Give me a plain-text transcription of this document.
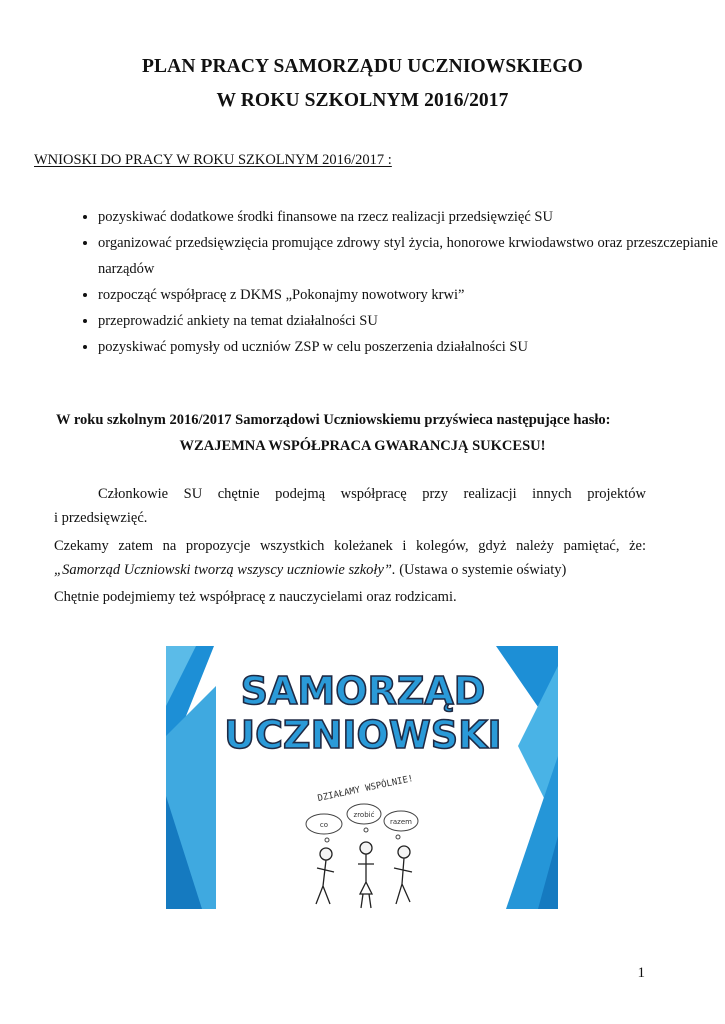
PLAN PRACY SAMORZĄDU UCZNIOWSKIEGO
W ROKU SZKOLNYM 2016/2017
WNIOSKI DO PRACY W ROKU SZKOLNYM 2016/2017 :
• pozyskiwać dodatkowe środki finansowe na rzecz realizacji przedsięwzięć SU
• organizować przedsięwzięcia promujące zdrowy styl życia, honorowe krwiodawstwo oraz przeszczepianie narządów
• rozpocząć współpracę z DKMS „Pokonajmy nowotwory krwi”
• przeprowadzić ankiety na temat działalności SU
• pozyskiwać pomysły od uczniów ZSP w celu poszerzenia działalności SU
W roku szkolnym 2016/2017 Samorządowi Uczniowskiemu przyświeca następujące hasło:
WZAJEMNA WSPÓŁPRACA GWARANCJĄ SUKCESU!
Członkowie SU chętnie podejmą współpracę przy realizacji innych projektów
i przedsięwzięć.
Czekamy zatem na propozycje wszystkich koleżanek i kolegów, gdyż należy pamiętać, że:
„Samorząd Uczniowski tworzą wszyscy uczniowie szkoły”. (Ustawa o systemie oświaty)
Chętnie podejmiemy też współpracę z nauczycielami oraz rodzicami.
SAMORZĄD
UCZNIOWSKI
DZIAŁAMY WSPÓLNIE!
co
zrobić
razem
1
